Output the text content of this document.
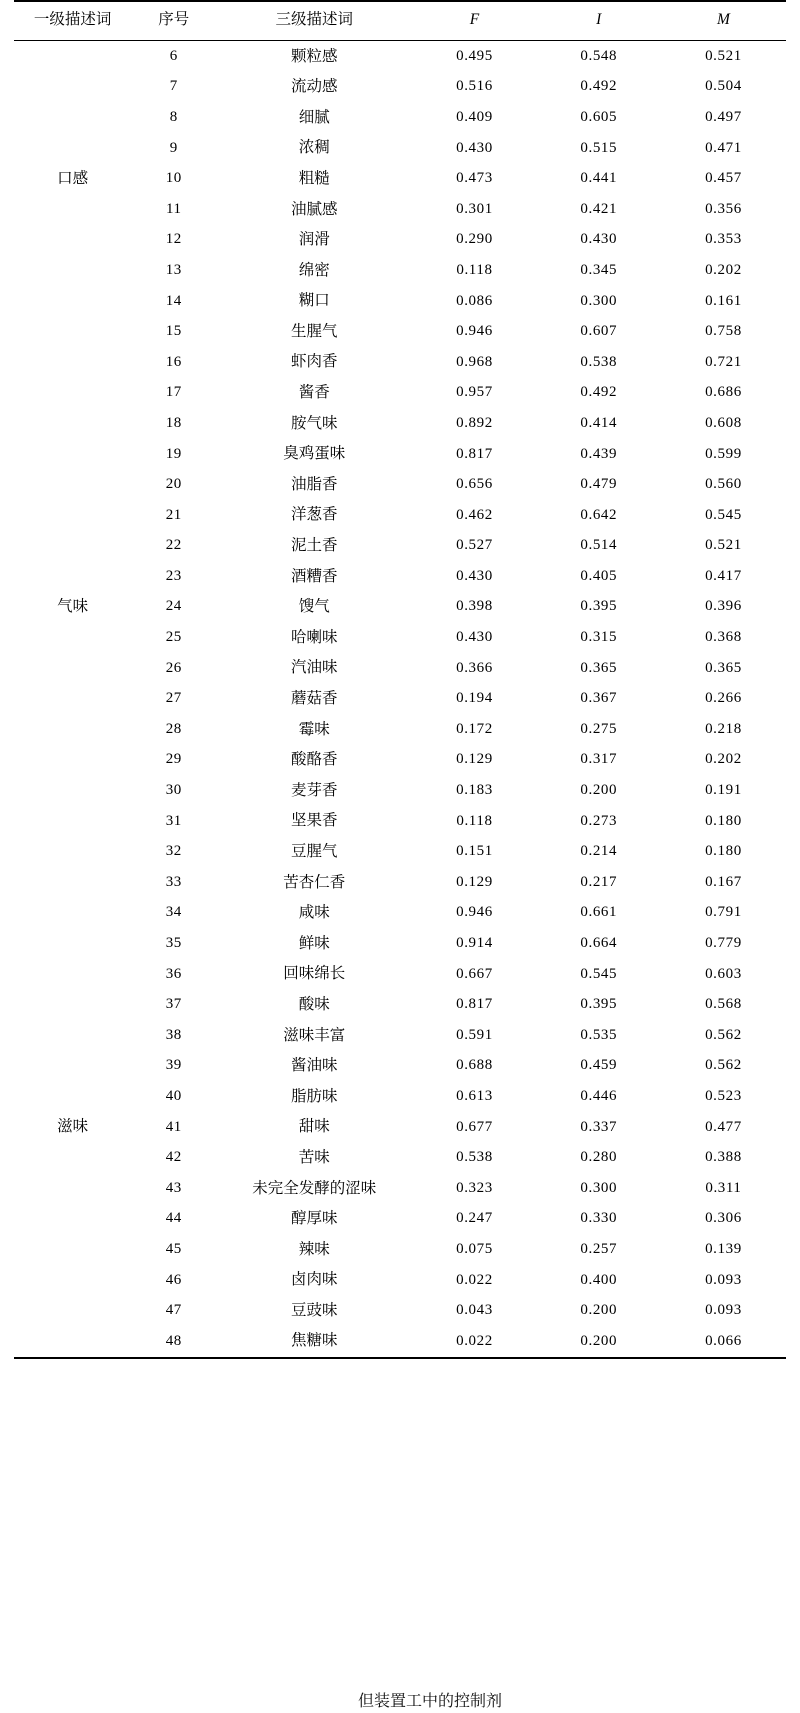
一级描述词	序号	三级描述词	F	I	M
	6	颗粒感	0.495	0.548	0.521
	7	流动感	0.516	0.492	0.504
	8	细腻	0.409	0.605	0.497
	9	浓稠	0.430	0.515	0.471
口感	10	粗糙	0.473	0.441	0.457
	11	油腻感	0.301	0.421	0.356
	12	润滑	0.290	0.430	0.353
	13	绵密	0.118	0.345	0.202
	14	糊口	0.086	0.300	0.161
	15	生腥气	0.946	0.607	0.758
	16	虾肉香	0.968	0.538	0.721
	17	酱香	0.957	0.492	0.686
	18	胺气味	0.892	0.414	0.608
	19	臭鸡蛋味	0.817	0.439	0.599
	20	油脂香	0.656	0.479	0.560
	21	洋葱香	0.462	0.642	0.545
	22	泥土香	0.527	0.514	0.521
	23	酒糟香	0.430	0.405	0.417
气味	24	馊气	0.398	0.395	0.396
	25	哈喇味	0.430	0.315	0.368
	26	汽油味	0.366	0.365	0.365
	27	蘑菇香	0.194	0.367	0.266
	28	霉味	0.172	0.275	0.218
	29	酸酪香	0.129	0.317	0.202
	30	麦芽香	0.183	0.200	0.191
	31	坚果香	0.118	0.273	0.180
	32	豆腥气	0.151	0.214	0.180
	33	苦杏仁香	0.129	0.217	0.167
	34	咸味	0.946	0.661	0.791
	35	鲜味	0.914	0.664	0.779
	36	回味绵长	0.667	0.545	0.603
	37	酸味	0.817	0.395	0.568
	38	滋味丰富	0.591	0.535	0.562
	39	酱油味	0.688	0.459	0.562
	40	脂肪味	0.613	0.446	0.523
滋味	41	甜味	0.677	0.337	0.477
	42	苦味	0.538	0.280	0.388
	43	未完全发酵的涩味	0.323	0.300	0.311
	44	醇厚味	0.247	0.330	0.306
	45	辣味	0.075	0.257	0.139
	46	卤肉味	0.022	0.400	0.093
	47	豆豉味	0.043	0.200	0.093
	48	焦糖味	0.022	0.200	0.066
但装置工中的控制剂
